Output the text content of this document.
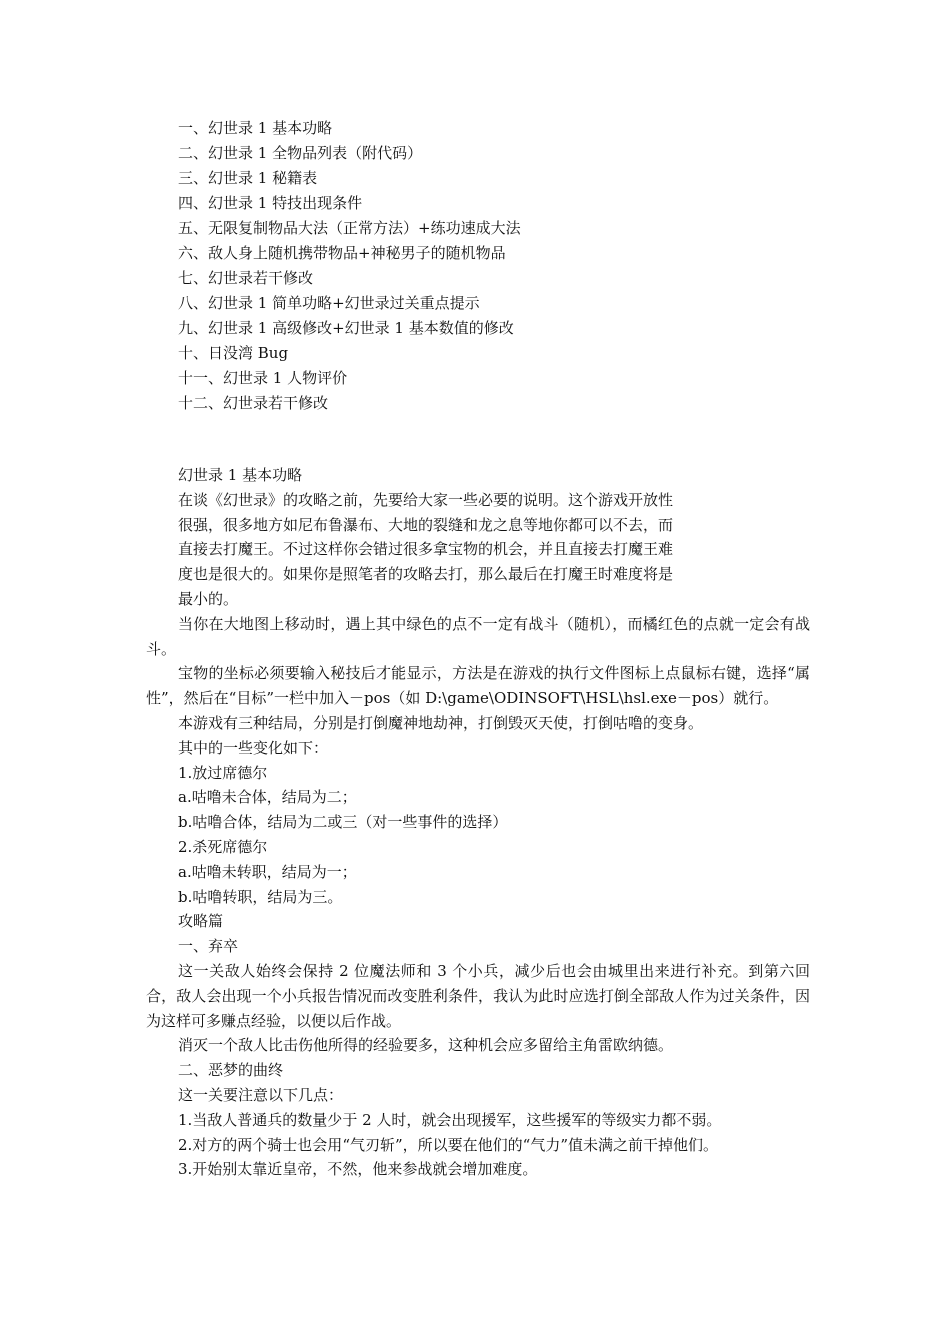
一、幻世录 1 基本功略
二、幻世录 1 全物品列表（附代码）
三、幻世录 1 秘籍表
四、幻世录 1 特技出现条件
五、无限复制物品大法（正常方法）+练功速成大法
六、敌人身上随机携带物品+神秘男子的随机物品
七、幻世录若干修改
八、幻世录 1 简单功略+幻世录过关重点提示
九、幻世录 1 高级修改+幻世录 1 基本数值的修改
十、日没湾 Bug
十一、幻世录 1 人物评价
十二、幻世录若干修改
幻世录 1 基本功略
在谈《幻世录》的攻略之前，先要给大家一些必要的说明。这个游戏开放性
很强，很多地方如尼布鲁瀑布、大地的裂缝和龙之息等地你都可以不去，而
直接去打魔王。不过这样你会错过很多拿宝物的机会，并且直接去打魔王难
度也是很大的。如果你是照笔者的攻略去打，那么最后在打魔王时难度将是
最小的。
当你在大地图上移动时，遇上其中绿色的点不一定有战斗（随机），而橘红色的点就一定会有战斗。
宝物的坐标必须要输入秘技后才能显示，方法是在游戏的执行文件图标上点鼠标右键，选择“属性”，然后在“目标”一栏中加入－pos（如 D:\game\ODINSOFT\HSL\hsl.exe－pos）就行。
本游戏有三种结局，分别是打倒魔神地劫神，打倒毁灭天使，打倒咕噜的变身。
其中的一些变化如下：
1.放过席德尔
a.咕噜未合体，结局为二；
b.咕噜合体，结局为二或三（对一些事件的选择）
2.杀死席德尔
a.咕噜未转职，结局为一；
b.咕噜转职，结局为三。
攻略篇
一、弃卒
这一关敌人始终会保持 2 位魔法师和 3 个小兵，减少后也会由城里出来进行补充。到第六回合，敌人会出现一个小兵报告情况而改变胜利条件，我认为此时应选打倒全部敌人作为过关条件，因为这样可多赚点经验，以便以后作战。
消灭一个敌人比击伤他所得的经验要多，这种机会应多留给主角雷欧纳德。
二、恶梦的曲终
这一关要注意以下几点：
1.当敌人普通兵的数量少于 2 人时，就会出现援军，这些援军的等级实力都不弱。
2.对方的两个骑士也会用“气刃斩”，所以要在他们的“气力”值未满之前干掉他们。
3.开始别太靠近皇帝，不然，他来参战就会增加难度。
